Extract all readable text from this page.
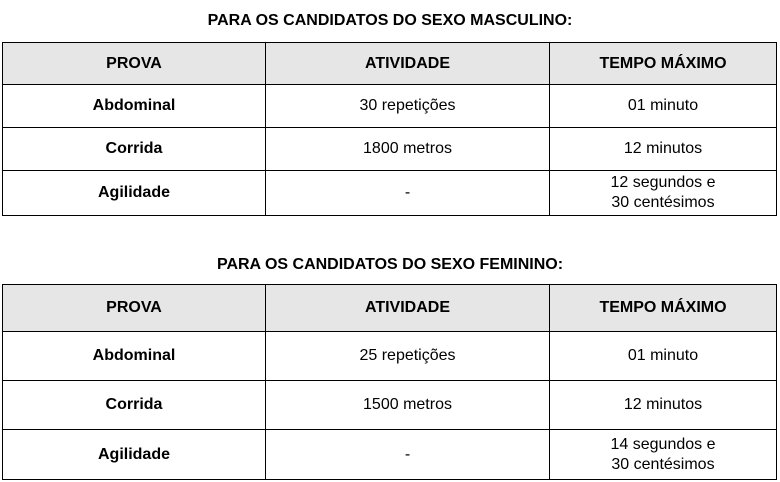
PARA OS CANDIDATOS DO SEXO MASCULINO:
PROVA	ATIVIDADE	TEMPO MÁXIMO
Abdominal	30 repetições	01 minuto
Corrida	1800 metros	12 minutos
Agilidade	-	12 segundos e
30 centésimos
PARA OS CANDIDATOS DO SEXO FEMININO:
PROVA	ATIVIDADE	TEMPO MÁXIMO
Abdominal	25 repetições	01 minuto
Corrida	1500 metros	12 minutos
Agilidade	-	14 segundos e
30 centésimos
